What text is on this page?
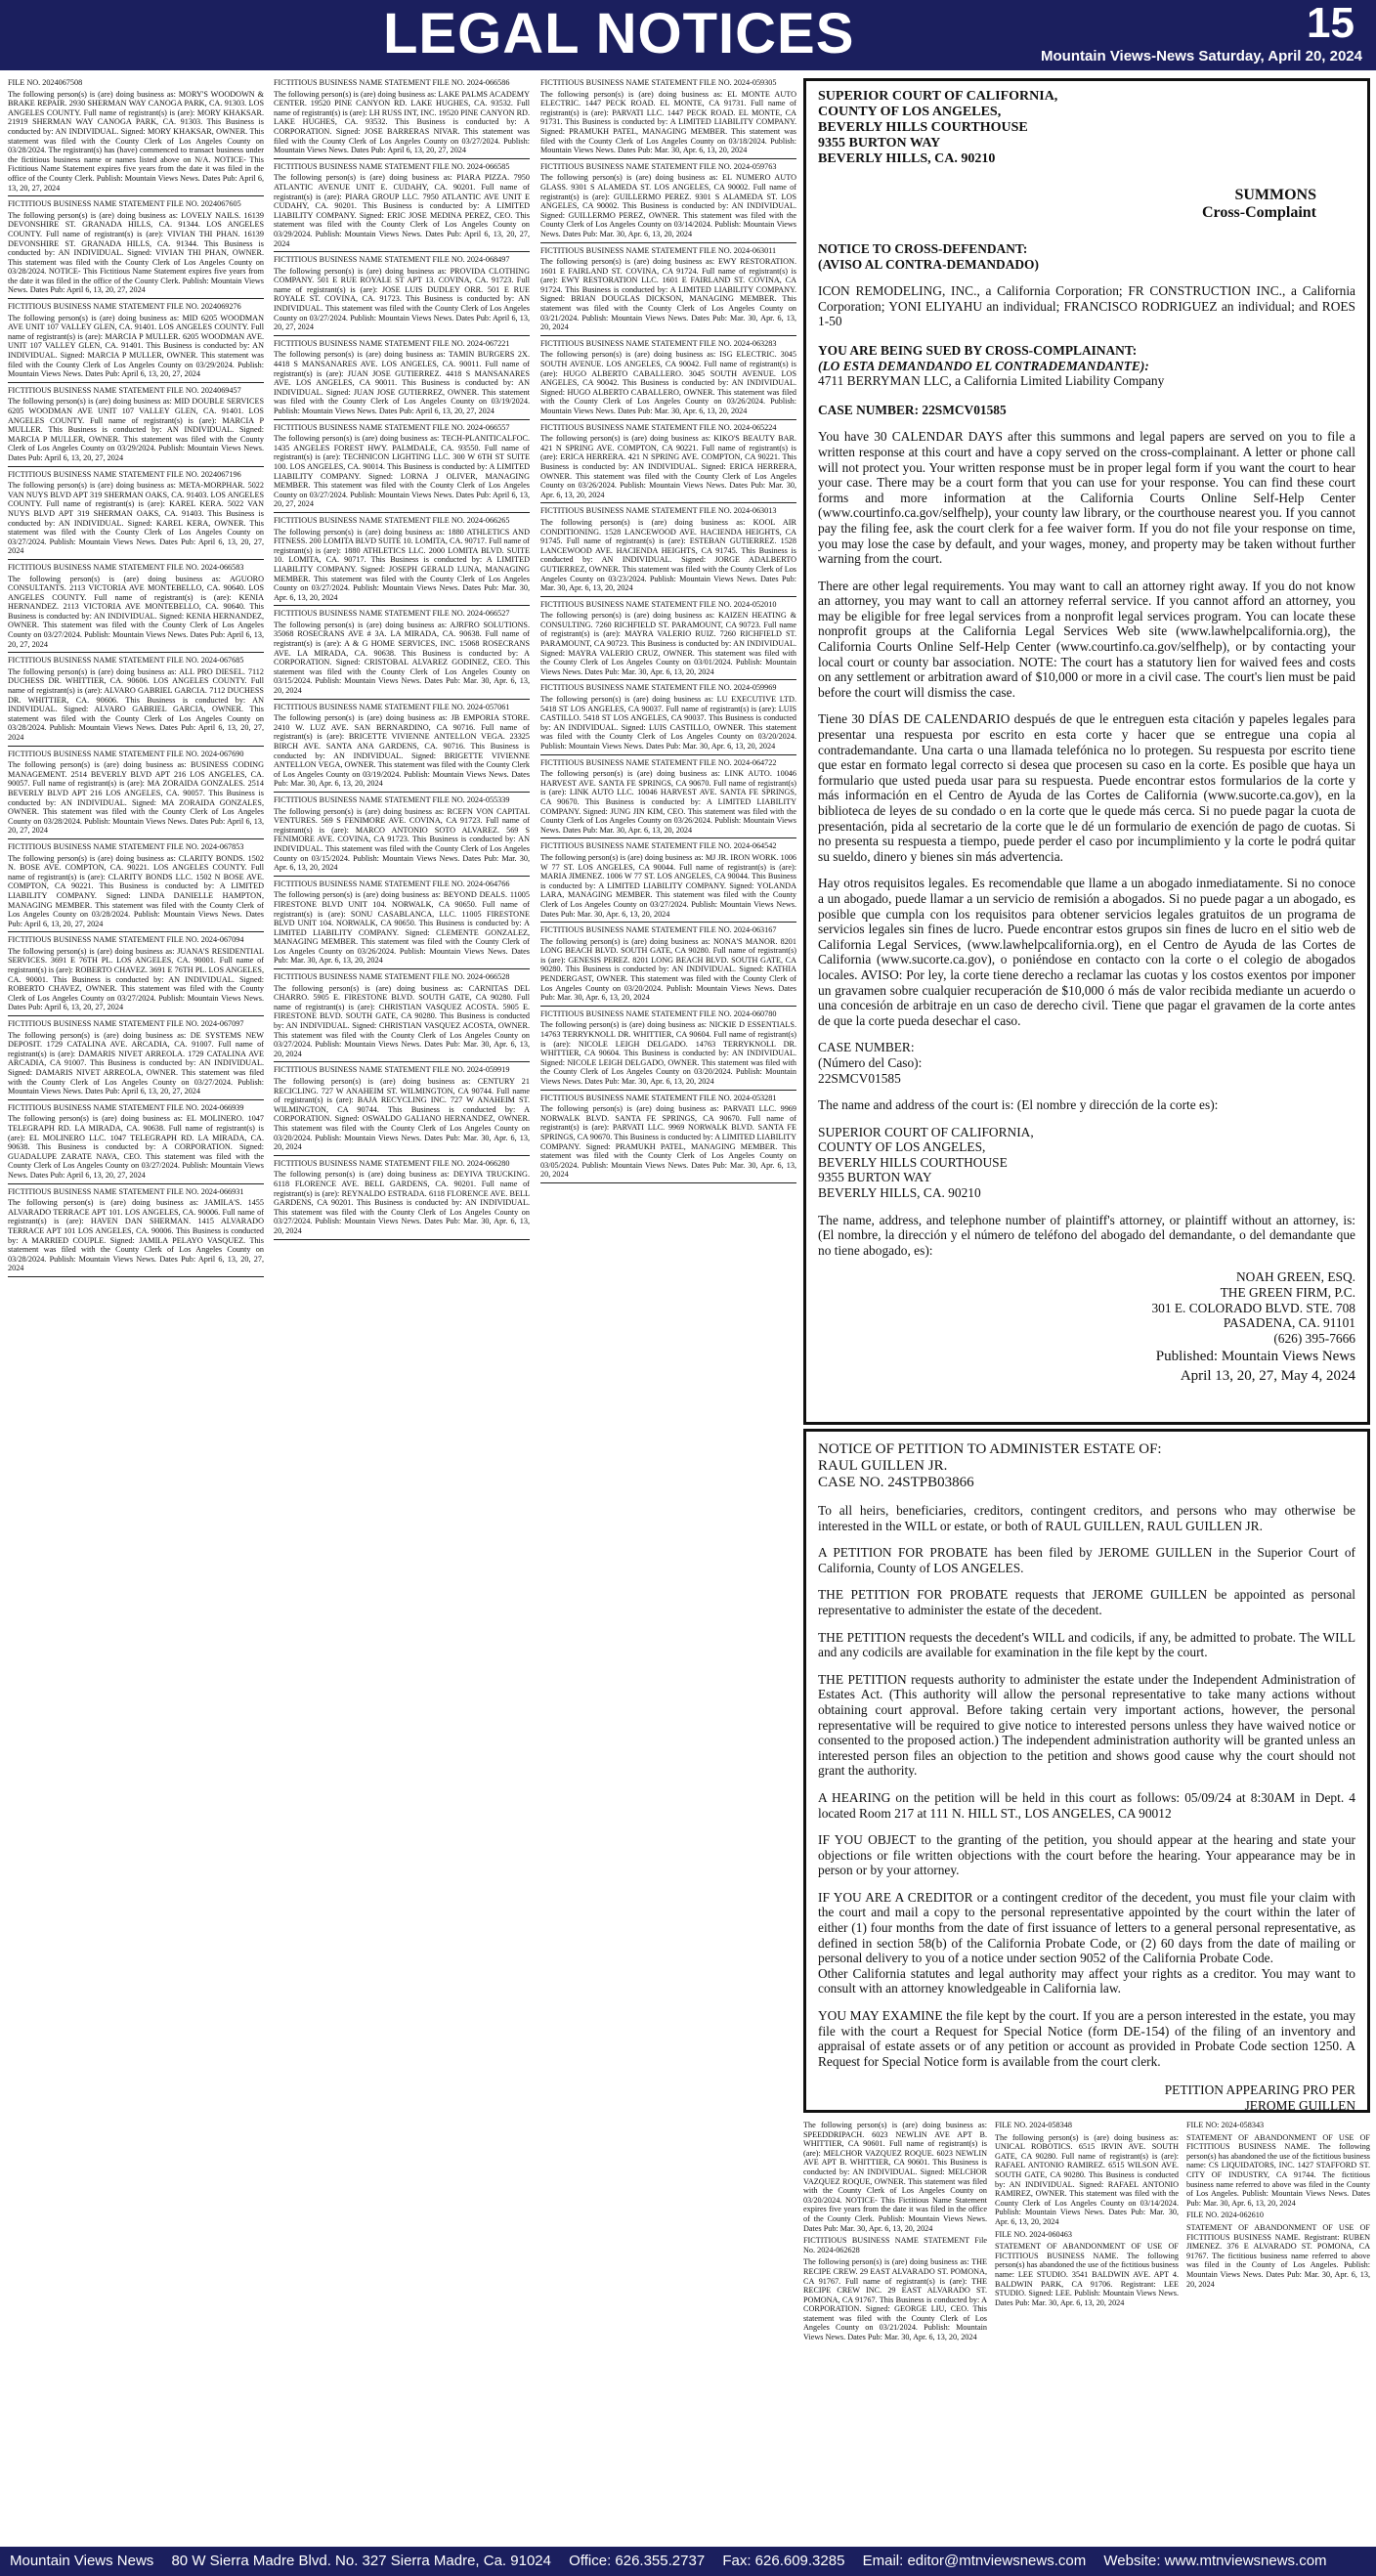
LEGAL NOTICES	15
Mountain Views-News Saturday, April 20, 2024

FILE NO. 2024067508

The following person(s) is (are) doing business as: MORY'S WOODOWN & BRAKE REPAIR. 2930 SHERMAN WAY CANOGA PARK, CA. 91303. LOS ANGELES COUNTY. Full name of registrant(s) is (are): MORY KHAKSAR. 21919 SHERMAN WAY CANOGA PARK, CA. 91303. This Business is conducted by: AN INDIVIDUAL. Signed: MORY KHAKSAR, OWNER. This statement was filed with the County Clerk of Los Angeles County on 03/28/2024. The registrant(s) has (have) commenced to transact business under the fictitious business name or names listed above on N/A. NOTICE- This Fictitious Name Statement expires five years from the date it was filed in the office of the County Clerk. Publish: Mountain Views News. Dates Pub: April 6, 13, 20, 27, 2024

FICTITIOUS BUSINESS NAME STATEMENT FILE NO. 2024067605

The following person(s) is (are) doing business as: LOVELY NAILS. 16139 DEVONSHIRE ST. GRANADA HILLS, CA. 91344. LOS ANGELES COUNTY. Full name of registrant(s) is (are): VIVIAN THI PHAN. 16139 DEVONSHIRE ST. GRANADA HILLS, CA. 91344. This Business is conducted by: AN INDIVIDUAL. Signed: VIVIAN THI PHAN, OWNER. This statement was filed with the County Clerk of Los Angeles County on 03/28/2024. NOTICE- This Fictitious Name Statement expires five years from the date it was filed in the office of the County Clerk. Publish: Mountain Views News. Dates Pub: April 6, 13, 20, 27, 2024

FICTITIOUS BUSINESS NAME STATEMENT FILE NO. 2024069276

The following person(s) is (are) doing business as: MID 6205 WOODMAN AVE UNIT 107 VALLEY GLEN, CA. 91401. LOS ANGELES COUNTY. Full name of registrant(s) is (are): MARCIA P MULLER. 6205 WOODMAN AVE. UNIT 107 VALLEY GLEN, CA. 91401. This Business is conducted by: AN INDIVIDUAL. Signed: MARCIA P MULLER, OWNER. This statement was filed with the County Clerk of Los Angeles County on 03/29/2024. Publish: Mountain Views News. Dates Pub: April 6, 13, 20, 27, 2024

FICTITIOUS BUSINESS NAME STATEMENT FILE NO. 2024069457

The following person(s) is (are) doing business as: MID DOUBLE SERVICES 6205 WOODMAN AVE UNIT 107 VALLEY GLEN, CA. 91401. LOS ANGELES COUNTY. Full name of registrant(s) is (are): MARCIA P MULLER. This Business is conducted by: AN INDIVIDUAL. Signed: MARCIA P MULLER, OWNER. This statement was filed with the County Clerk of Los Angeles County on 03/29/2024. Publish: Mountain Views News. Dates Pub: April 6, 13, 20, 27, 2024

FICTITIOUS BUSINESS NAME STATEMENT FILE NO. 2024067196

The following person(s) is (are) doing business as: META-MORPHAR. 5022 VAN NUYS BLVD APT 319 SHERMAN OAKS, CA. 91403. LOS ANGELES COUNTY. Full name of registrant(s) is (are): KAREL KERA. 5022 VAN NUYS BLVD APT 319 SHERMAN OAKS, CA. 91403. This Business is conducted by: AN INDIVIDUAL. Signed: KAREL KERA, OWNER. This statement was filed with the County Clerk of Los Angeles County on 03/27/2024. Publish: Mountain Views News. Dates Pub: April 6, 13, 20, 27, 2024

FICTITIOUS BUSINESS NAME STATEMENT FILE NO. 2024-066583

The following person(s) is (are) doing business as: AGUORO CONSULTANTS. 2113 VICTORIA AVE MONTEBELLO, CA. 90640. LOS ANGELES COUNTY. Full name of registrant(s) is (are): KENIA HERNANDEZ. 2113 VICTORIA AVE MONTEBELLO, CA. 90640. This Business is conducted by: AN INDIVIDUAL. Signed: KENIA HERNANDEZ, OWNER. This statement was filed with the County Clerk of Los Angeles County on 03/27/2024. Publish: Mountain Views News. Dates Pub: April 6, 13, 20, 27, 2024

FICTITIOUS BUSINESS NAME STATEMENT FILE NO. 2024-067685

The following person(s) is (are) doing business as: ALL PRO DIESEL. 7112 DUCHESS DR. WHITTIER, CA. 90606. LOS ANGELES COUNTY. Full name of registrant(s) is (are): ALVARO GABRIEL GARCIA. 7112 DUCHESS DR. WHITTIER, CA. 90606. This Business is conducted by: AN INDIVIDUAL. Signed: ALVARO GABRIEL GARCIA, OWNER. This statement was filed with the County Clerk of Los Angeles County on 03/28/2024. Publish: Mountain Views News. Dates Pub: April 6, 13, 20, 27, 2024

FICTITIOUS BUSINESS NAME STATEMENT FILE NO. 2024-067690

The following person(s) is (are) doing business as: BUSINESS CODING MANAGEMENT. 2514 BEVERLY BLVD APT 216 LOS ANGELES, CA. 90057. Full name of registrant(s) is (are): MA ZORAIDA GONZALES. 2514 BEVERLY BLVD APT 216 LOS ANGELES, CA. 90057. This Business is conducted by: AN INDIVIDUAL. Signed: MA ZORAIDA GONZALES, OWNER. This statement was filed with the County Clerk of Los Angeles County on 03/28/2024. Publish: Mountain Views News. Dates Pub: April 6, 13, 20, 27, 2024

FICTITIOUS BUSINESS NAME STATEMENT FILE NO. 2024-067853

The following person(s) is (are) doing business as: CLARITY BONDS. 1502 N. BOSE AVE. COMPTON, CA. 90221. LOS ANGELES COUNTY. Full name of registrant(s) is (are): CLARITY BONDS LLC. 1502 N BOSE AVE. COMPTON, CA 90221. This Business is conducted by: A LIMITED LIABILITY COMPANY. Signed: LINDA DANIELLE HAMPTON, MANAGING MEMBER. This statement was filed with the County Clerk of Los Angeles County on 03/28/2024. Publish: Mountain Views News. Dates Pub: April 6, 13, 20, 27, 2024

FICTITIOUS BUSINESS NAME STATEMENT FILE NO. 2024-067094

The following person(s) is (are) doing business as: JUANA'S RESIDENTIAL SERVICES. 3691 E 76TH PL. LOS ANGELES, CA. 90001. Full name of registrant(s) is (are): ROBERTO CHAVEZ. 3691 E 76TH PL. LOS ANGELES, CA. 90001. This Business is conducted by: AN INDIVIDUAL. Signed: ROBERTO CHAVEZ, OWNER. This statement was filed with the County Clerk of Los Angeles County on 03/27/2024. Publish: Mountain Views News. Dates Pub: April 6, 13, 20, 27, 2024

FICTITIOUS BUSINESS NAME STATEMENT FILE NO. 2024-067097

The following person(s) is (are) doing business as: DE SYSTEMS NEW DEPOSIT. 1729 CATALINA AVE. ARCADIA, CA. 91007. Full name of registrant(s) is (are): DAMARIS NIVET ARREOLA. 1729 CATALINA AVE ARCADIA, CA 91007. This Business is conducted by: AN INDIVIDUAL. Signed: DAMARIS NIVET ARREOLA, OWNER. This statement was filed with the County Clerk of Los Angeles County on 03/27/2024. Publish: Mountain Views News. Dates Pub: April 6, 13, 20, 27, 2024

FICTITIOUS BUSINESS NAME STATEMENT FILE NO. 2024-066939

The following person(s) is (are) doing business as: EL MOLINERO. 1047 TELEGRAPH RD. LA MIRADA, CA. 90638. Full name of registrant(s) is (are): EL MOLINERO LLC. 1047 TELEGRAPH RD. LA MIRADA, CA. 90638. This Business is conducted by: A CORPORATION. Signed: GUADALUPE ZARATE NAVA, CEO. This statement was filed with the County Clerk of Los Angeles County on 03/27/2024. Publish: Mountain Views News. Dates Pub: April 6, 13, 20, 27, 2024

FICTITIOUS BUSINESS NAME STATEMENT FILE NO. 2024-066931

The following person(s) is (are) doing business as: JAMILA'S. 1455 ALVARADO TERRACE APT 101. LOS ANGELES, CA. 90006. Full name of registrant(s) is (are): HAVEN DAN SHERMAN. 1415 ALVARADO TERRACE APT 101 LOS ANGELES, CA. 90006. This Business is conducted by: A MARRIED COUPLE. Signed: JAMILA PELAYO VASQUEZ. This statement was filed with the County Clerk of Los Angeles County on 03/28/2024. Publish: Mountain Views News. Dates Pub: April 6, 13, 20, 27, 2024

FICTITIOUS BUSINESS NAME STATEMENT FILE NO. 2024-066586

The following person(s) is (are) doing business as: LAKE PALMS ACADEMY CENTER. 19520 PINE CANYON RD. LAKE HUGHES, CA. 93532. Full name of registrant(s) is (are): LH RUSS INT, INC. 19520 PINE CANYON RD. LAKE HUGHES, CA. 93532. This Business is conducted by: A CORPORATION. Signed: JOSE BARRERAS NIVAR. This statement was filed with the County Clerk of Los Angeles County on 03/27/2024. Publish: Mountain Views News. Dates Pub: April 6, 13, 20, 27, 2024

FICTITIOUS BUSINESS NAME STATEMENT FILE NO. 2024-066585

The following person(s) is (are) doing business as: PIARA PIZZA. 7950 ATLANTIC AVENUE UNIT E. CUDAHY, CA. 90201. Full name of registrant(s) is (are): PIARA GROUP LLC. 7950 ATLANTIC AVE UNIT E CUDAHY, CA. 90201. This Business is conducted by: A LIMITED LIABILITY COMPANY. Signed: ERIC JOSE MEDINA PEREZ, CEO. This statement was filed with the County Clerk of Los Angeles County on 03/29/2024. Publish: Mountain Views News. Dates Pub: April 6, 13, 20, 27, 2024

FICTITIOUS BUSINESS NAME STATEMENT FILE NO. 2024-068497

The following person(s) is (are) doing business as: PROVIDA CLOTHING COMPANY. 501 E RUE ROYALE ST APT 13. COVINA, CA. 91723. Full name of registrant(s) is (are): JOSE LUIS DUDLEY ORR. 501 E RUE ROYALE ST. COVINA, CA. 91723. This Business is conducted by: AN INDIVIDUAL. This statement was filed with the County Clerk of Los Angeles County on 03/27/2024. Publish: Mountain Views News. Dates Pub: April 6, 13, 20, 27, 2024

FICTITIOUS BUSINESS NAME STATEMENT FILE NO. 2024-067221

The following person(s) is (are) doing business as: TAMIN BURGERS 2X. 4418 S MANSANARES AVE. LOS ANGELES, CA. 90011. Full name of registrant(s) is (are): JUAN JOSE GUTIERREZ. 4418 S MANSANARES AVE. LOS ANGELES, CA 90011. This Business is conducted by: AN INDIVIDUAL. Signed: JUAN JOSE GUTIERREZ, OWNER. This statement was filed with the County Clerk of Los Angeles County on 03/19/2024. Publish: Mountain Views News. Dates Pub: April 6, 13, 20, 27, 2024

FICTITIOUS BUSINESS NAME STATEMENT FILE NO. 2024-066557

The following person(s) is (are) doing business as: TECH-PLANITICALFOC. 1435 ANGELES FOREST HWY. PALMDALE, CA. 93550. Full name of registrant(s) is (are): TECHNICON LIGHTING LLC. 300 W 6TH ST SUITE 100. LOS ANGELES, CA. 90014. This Business is conducted by: A LIMITED LIABILITY COMPANY. Signed: LORNA J OLIVER, MANAGING MEMBER. This statement was filed with the County Clerk of Los Angeles County on 03/27/2024. Publish: Mountain Views News. Dates Pub: April 6, 13, 20, 27, 2024

FICTITIOUS BUSINESS NAME STATEMENT FILE NO. 2024-066265

The following person(s) is (are) doing business as: 1880 ATHLETICS AND FITNESS. 200 LOMITA BLVD SUITE 10. LOMITA, CA. 90717. Full name of registrant(s) is (are): 1880 ATHLETICS LLC. 2000 LOMITA BLVD. SUITE 10. LOMITA, CA. 90717. This Business is conducted by: A LIMITED LIABILITY COMPANY. Signed: JOSEPH GERALD LUNA, MANAGING MEMBER. This statement was filed with the County Clerk of Los Angeles County on 03/27/2024. Publish: Mountain Views News. Dates Pub: Mar. 30, Apr. 6, 13, 20, 2024

FICTITIOUS BUSINESS NAME STATEMENT FILE NO. 2024-066527

The following person(s) is (are) doing business as: AJRFRO SOLUTIONS. 35068 ROSECRANS AVE # 3A. LA MIRADA, CA. 90638. Full name of registrant(s) is (are): A & G HOME SERVICES, INC. 15068 ROSECRANS AVE. LA MIRADA, CA. 90638. This Business is conducted by: A CORPORATION. Signed: CRISTOBAL ALVAREZ GODINEZ, CEO. This statement was filed with the County Clerk of Los Angeles County on 03/15/2024. Publish: Mountain Views News. Dates Pub: Mar. 30, Apr. 6, 13, 20, 2024

FICTITIOUS BUSINESS NAME STATEMENT FILE NO. 2024-057061

The following person(s) is (are) doing business as: JB EMPORIA STORE. 2410 W. LUZ AVE. SAN BERNARDINO, CA 90716. Full name of registrant(s) is (are): BRICETTE VIVIENNE ANTELLON VEGA. 23325 BIRCH AVE. SANTA ANA GARDENS, CA. 90716. This Business is conducted by: AN INDIVIDUAL. Signed: BRIGETTE VIVIENNE ANTELLON VEGA, OWNER. This statement was filed with the County Clerk of Los Angeles County on 03/19/2024. Publish: Mountain Views News. Dates Pub: Mar. 30, Apr. 6, 13, 20, 2024

FICTITIOUS BUSINESS NAME STATEMENT FILE NO. 2024-055339

The following person(s) is (are) doing business as: RCEFN VON CAPITAL VENTURES. 569 S FENIMORE AVE. COVINA, CA 91723. Full name of registrant(s) is (are): MARCO ANTONIO SOTO ALVAREZ. 569 S FENIMORE AVE. COVINA, CA 91723. This Business is conducted by: AN INDIVIDUAL. This statement was filed with the County Clerk of Los Angeles County on 03/15/2024. Publish: Mountain Views News. Dates Pub: Mar. 30, Apr. 6, 13, 20, 2024

FICTITIOUS BUSINESS NAME STATEMENT FILE NO. 2024-064766

The following person(s) is (are) doing business as: BEYOND DEALS. 11005 FIRESTONE BLVD UNIT 104. NORWALK, CA 90650. Full name of registrant(s) is (are): SONU CASABLANCA, LLC. 11005 FIRESTONE BLVD UNIT 104. NORWALK, CA 90650. This Business is conducted by: A LIMITED LIABILITY COMPANY. Signed: CLEMENTE GONZALEZ, MANAGING MEMBER. This statement was filed with the County Clerk of Los Angeles County on 03/26/2024. Publish: Mountain Views News. Dates Pub: Mar. 30, Apr. 6, 13, 20, 2024

FICTITIOUS BUSINESS NAME STATEMENT FILE NO. 2024-066528

The following person(s) is (are) doing business as: CARNITAS DEL CHARRO. 5905 E. FIRESTONE BLVD. SOUTH GATE, CA 90280. Full name of registrant(s) is (are): CHRISTIAN VASQUEZ ACOSTA. 5905 E. FIRESTONE BLVD. SOUTH GATE, CA 90280. This Business is conducted by: AN INDIVIDUAL. Signed: CHRISTIAN VASQUEZ ACOSTA, OWNER. This statement was filed with the County Clerk of Los Angeles County on 03/27/2024. Publish: Mountain Views News. Dates Pub: Mar. 30, Apr. 6, 13, 20, 2024

FICTITIOUS BUSINESS NAME STATEMENT FILE NO. 2024-059919

The following person(s) is (are) doing business as: CENTURY 21 RECICLING. 727 W ANAHEIM ST. WILMINGTON, CA 90744. Full name of registrant(s) is (are): BAJA RECYCLING INC. 727 W ANAHEIM ST. WILMINGTON, CA 90744. This Business is conducted by: A CORPORATION. Signed: OSWALDO GALIANO HERNANDEZ, OWNER. This statement was filed with the County Clerk of Los Angeles County on 03/20/2024. Publish: Mountain Views News. Dates Pub: Mar. 30, Apr. 6, 13, 20, 2024

FICTITIOUS BUSINESS NAME STATEMENT FILE NO. 2024-066280

The following person(s) is (are) doing business as: DEYIVA TRUCKING. 6118 FLORENCE AVE. BELL GARDENS, CA. 90201. Full name of registrant(s) is (are): REYNALDO ESTRADA. 6118 FLORENCE AVE. BELL GARDENS, CA 90201. This Business is conducted by: AN INDIVIDUAL. This statement was filed with the County Clerk of Los Angeles County on 03/27/2024. Publish: Mountain Views News. Dates Pub: Mar. 30, Apr. 6, 13, 20, 2024

FICTITIOUS BUSINESS NAME STATEMENT FILE NO. 2024-059305

The following person(s) is (are) doing business as: EL MONTE AUTO ELECTRIC. 1447 PECK ROAD. EL MONTE, CA 91731. Full name of registrant(s) is (are): PARVATI LLC. 1447 PECK ROAD. EL MONTE, CA 91731. This Business is conducted by: A LIMITED LIABILITY COMPANY. Signed: PRAMUKH PATEL, MANAGING MEMBER. This statement was filed with the County Clerk of Los Angeles County on 03/18/2024. Publish: Mountain Views News. Dates Pub: Mar. 30, Apr. 6, 13, 20, 2024

FICTITIOUS BUSINESS NAME STATEMENT FILE NO. 2024-059763

The following person(s) is (are) doing business as: EL NUMERO AUTO GLASS. 9301 S ALAMEDA ST. LOS ANGELES, CA 90002. Full name of registrant(s) is (are): GUILLERMO PEREZ. 9301 S ALAMEDA ST. LOS ANGELES, CA 90002. This Business is conducted by: AN INDIVIDUAL. Signed: GUILLERMO PEREZ, OWNER. This statement was filed with the County Clerk of Los Angeles County on 03/14/2024. Publish: Mountain Views News. Dates Pub: Mar. 30, Apr. 6, 13, 20, 2024

FICTITIOUS BUSINESS NAME STATEMENT FILE NO. 2024-063011

The following person(s) is (are) doing business as: EWY RESTORATION. 1601 E FAIRLAND ST. COVINA, CA 91724. Full name of registrant(s) is (are): EWY RESTORATION LLC. 1601 E FAIRLAND ST. COVINA, CA 91724. This Business is conducted by: A LIMITED LIABILITY COMPANY. Signed: BRIAN DOUGLAS DICKSON, MANAGING MEMBER. This statement was filed with the County Clerk of Los Angeles County on 03/21/2024. Publish: Mountain Views News. Dates Pub: Mar. 30, Apr. 6, 13, 20, 2024

FICTITIOUS BUSINESS NAME STATEMENT FILE NO. 2024-063283

The following person(s) is (are) doing business as: ISG ELECTRIC. 3045 SOUTH AVENUE. LOS ANGELES, CA 90042. Full name of registrant(s) is (are): HUGO ALBERTO CABALLERO. 3045 SOUTH AVENUE. LOS ANGELES, CA 90042. This Business is conducted by: AN INDIVIDUAL. Signed: HUGO ALBERTO CABALLERO, OWNER. This statement was filed with the County Clerk of Los Angeles County on 03/26/2024. Publish: Mountain Views News. Dates Pub: Mar. 30, Apr. 6, 13, 20, 2024

FICTITIOUS BUSINESS NAME STATEMENT FILE NO. 2024-065224

The following person(s) is (are) doing business as: KIKO'S BEAUTY BAR. 421 N SPRING AVE. COMPTON, CA 90221. Full name of registrant(s) is (are): ERICA HERRERA. 421 N SPRING AVE. COMPTON, CA 90221. This Business is conducted by: AN INDIVIDUAL. Signed: ERICA HERRERA, OWNER. This statement was filed with the County Clerk of Los Angeles County on 03/26/2024. Publish: Mountain Views News. Dates Pub: Mar. 30, Apr. 6, 13, 20, 2024

FICTITIOUS BUSINESS NAME STATEMENT FILE NO. 2024-063013

The following person(s) is (are) doing business as: KOOL AIR CONDITIONING. 1528 LANCEWOOD AVE. HACIENDA HEIGHTS, CA 91745. Full name of registrant(s) is (are): ESTEBAN GUTIERREZ. 1528 LANCEWOOD AVE. HACIENDA HEIGHTS, CA 91745. This Business is conducted by: AN INDIVIDUAL. Signed: JORGE ADALBERTO GUTIERREZ, OWNER. This statement was filed with the County Clerk of Los Angeles County on 03/23/2024. Publish: Mountain Views News. Dates Pub: Mar. 30, Apr. 6, 13, 20, 2024

FICTITIOUS BUSINESS NAME STATEMENT FILE NO. 2024-052010

The following person(s) is (are) doing business as: KAIZEN HEATING & CONSULTING. 7260 RICHFIELD ST. PARAMOUNT, CA 90723. Full name of registrant(s) is (are): MAYRA VALERIO RUIZ. 7260 RICHFIELD ST. PARAMOUNT, CA 90723. This Business is conducted by: AN INDIVIDUAL. Signed: MAYRA VALERIO CRUZ, OWNER. This statement was filed with the County Clerk of Los Angeles County on 03/01/2024. Publish: Mountain Views News. Dates Pub: Mar. 30, Apr. 6, 13, 20, 2024

FICTITIOUS BUSINESS NAME STATEMENT FILE NO. 2024-059969

The following person(s) is (are) doing business as: LU EXECUTIVE LTD. 5418 ST LOS ANGELES, CA 90037. Full name of registrant(s) is (are): LUIS CASTILLO. 5418 ST LOS ANGELES, CA 90037. This Business is conducted by: AN INDIVIDUAL. Signed: LUIS CASTILLO, OWNER. This statement was filed with the County Clerk of Los Angeles County on 03/20/2024. Publish: Mountain Views News. Dates Pub: Mar. 30, Apr. 6, 13, 20, 2024

FICTITIOUS BUSINESS NAME STATEMENT FILE NO. 2024-064722

The following person(s) is (are) doing business as: LINK AUTO. 10046 HARVEST AVE. SANTA FE SPRINGS, CA 90670. Full name of registrant(s) is (are): LINK AUTO LLC. 10046 HARVEST AVE. SANTA FE SPRINGS, CA 90670. This Business is conducted by: A LIMITED LIABILITY COMPANY. Signed: JUNG JIN KIM, CEO. This statement was filed with the County Clerk of Los Angeles County on 03/26/2024. Publish: Mountain Views News. Dates Pub: Mar. 30, Apr. 6, 13, 20, 2024

FICTITIOUS BUSINESS NAME STATEMENT FILE NO. 2024-064542

The following person(s) is (are) doing business as: MJ JR. IRON WORK. 1006 W 77 ST. LOS ANGELES, CA 90044. Full name of registrant(s) is (are): MARIA JIMENEZ. 1006 W 77 ST. LOS ANGELES, CA 90044. This Business is conducted by: A LIMITED LIABILITY COMPANY. Signed: YOLANDA LARA, MANAGING MEMBER. This statement was filed with the County Clerk of Los Angeles County on 03/27/2024. Publish: Mountain Views News. Dates Pub: Mar. 30, Apr. 6, 13, 20, 2024

FICTITIOUS BUSINESS NAME STATEMENT FILE NO. 2024-063167

The following person(s) is (are) doing business as: NONA'S MANOR. 8201 LONG BEACH BLVD. SOUTH GATE, CA 90280. Full name of registrant(s) is (are): GENESIS PEREZ. 8201 LONG BEACH BLVD. SOUTH GATE, CA 90280. This Business is conducted by: AN INDIVIDUAL. Signed: KATHIA PENDERGAST, OWNER. This statement was filed with the County Clerk of Los Angeles County on 03/20/2024. Publish: Mountain Views News. Dates Pub: Mar. 30, Apr. 6, 13, 20, 2024

FICTITIOUS BUSINESS NAME STATEMENT FILE NO. 2024-060780

The following person(s) is (are) doing business as: NICKIE D ESSENTIALS. 14763 TERRYKNOLL DR. WHITTIER, CA 90604. Full name of registrant(s) is (are): NICOLE LEIGH DELGADO. 14763 TERRYKNOLL DR. WHITTIER, CA 90604. This Business is conducted by: AN INDIVIDUAL. Signed: NICOLE LEIGH DELGADO, OWNER. This statement was filed with the County Clerk of Los Angeles County on 03/20/2024. Publish: Mountain Views News. Dates Pub: Mar. 30, Apr. 6, 13, 20, 2024

FICTITIOUS BUSINESS NAME STATEMENT FILE NO. 2024-053281

The following person(s) is (are) doing business as: PARVATI LLC. 9969 NORWALK BLVD. SANTA FE SPRINGS, CA 90670. Full name of registrant(s) is (are): PARVATI LLC. 9969 NORWALK BLVD. SANTA FE SPRINGS, CA 90670. This Business is conducted by: A LIMITED LIABILITY COMPANY. Signed: PRAMUKH PATEL, MANAGING MEMBER. This statement was filed with the County Clerk of Los Angeles County on 03/05/2024. Publish: Mountain Views News. Dates Pub: Mar. 30, Apr. 6, 13, 20, 2024

SUPERIOR COURT OF CALIFORNIA,
COUNTY OF LOS ANGELES,
BEVERLY HILLS COURTHOUSE
9355 BURTON WAY
BEVERLY HILLS, CA. 90210
SUMMONS
Cross-Complaint
NOTICE TO CROSS-DEFENDANT:
(AVISO AL CONTRA-DEMANDADO)

ICON REMODELING, INC., a California Corporation; FR CONSTRUCTION INC., a California Corporation; YONI ELIYAHU an individual; FRANCISCO RODRIGUEZ an individual; and ROES 1-50

YOU ARE BEING SUED BY CROSS-COMPLAINANT:
(LO ESTA DEMANDANDO EL CONTRADEMANDANTE):
4711 BERRYMAN LLC, a California Limited Liability Company
CASE NUMBER: 22SMCV01585

You have 30 CALENDAR DAYS after this summons and legal papers are served on you to file a written response at this court and have a copy served on the cross-complainant. A letter or phone call will not protect you. Your written response must be in proper legal form if you want the court to hear your case. There may be a court form that you can use for your response. You can find these court forms and more information at the California Courts Online Self-Help Center (www.courtinfo.ca.gov/selfhelp), your county law library, or the courthouse nearest you. If you cannot pay the filing fee, ask the court clerk for a fee waiver form. If you do not file your response on time, you may lose the case by default, and your wages, money, and property may be taken without further warning from the court.

There are other legal requirements. You may want to call an attorney right away. If you do not know an attorney, you may want to call an attorney referral service. If you cannot afford an attorney, you may be eligible for free legal services from a nonprofit legal services program. You can locate these nonprofit groups at the California Legal Services Web site (www.lawhelpcalifornia.org), the California Courts Online Self-Help Center (www.courtinfo.ca.gov/selfhelp), or by contacting your local court or county bar association. NOTE: The court has a statutory lien for waived fees and costs on any settlement or arbitration award of $10,000 or more in a civil case. The court's lien must be paid before the court will dismiss the case.

Tiene 30 DÍAS DE CALENDARIO después de que le entreguen esta citación y papeles legales para presentar una respuesta por escrito en esta corte y hacer que se entregue una copia al contrademandante. Una carta o una llamada telefónica no lo protegen. Su respuesta por escrito tiene que estar en formato legal correcto si desea que procesen su caso en la corte. Es posible que haya un formulario que usted pueda usar para su respuesta. Puede encontrar estos formularios de la corte y más información en el Centro de Ayuda de las Cortes de California (www.sucorte.ca.gov), en la biblioteca de leyes de su condado o en la corte que le quede más cerca. Si no puede pagar la cuota de presentación, pida al secretario de la corte que le dé un formulario de exención de pago de cuotas. Si no presenta su respuesta a tiempo, puede perder el caso por incumplimiento y la corte le podrá quitar su sueldo, dinero y bienes sin más advertencia.

Hay otros requisitos legales. Es recomendable que llame a un abogado inmediatamente. Si no conoce a un abogado, puede llamar a un servicio de remisión a abogados. Si no puede pagar a un abogado, es posible que cumpla con los requisitos para obtener servicios legales gratuitos de un programa de servicios legales sin fines de lucro. Puede encontrar estos grupos sin fines de lucro en el sitio web de California Legal Services, (www.lawhelpcalifornia.org), en el Centro de Ayuda de las Cortes de California (www.sucorte.ca.gov), o poniéndose en contacto con la corte o el colegio de abogados locales. AVISO: Por ley, la corte tiene derecho a reclamar las cuotas y los costos exentos por imponer un gravamen sobre cualquier recuperación de $10,000 ó más de valor recibida mediante un acuerdo o una concesión de arbitraje en un caso de derecho civil. Tiene que pagar el gravamen de la corte antes de que la corte pueda desechar el caso.

CASE NUMBER:
(Número del Caso):
22SMCV01585

The name and address of the court is: (El nombre y dirección de la corte es):

SUPERIOR COURT OF CALIFORNIA,
COUNTY OF LOS ANGELES,
BEVERLY HILLS COURTHOUSE
9355 BURTON WAY
BEVERLY HILLS, CA. 90210

The name, address, and telephone number of plaintiff's attorney, or plaintiff without an attorney, is: (El nombre, la dirección y el número de teléfono del abogado del demandante, o del demandante que no tiene abogado, es):

NOAH GREEN, ESQ.
THE GREEN FIRM, P.C.
301 E. COLORADO BLVD. STE. 708
PASADENA, CA. 91101
(626) 395-7666
Published: Mountain Views News
April 13, 20, 27, May 4, 2024
NOTICE OF PETITION TO ADMINISTER ESTATE OF:
RAUL GUILLEN JR.
CASE NO. 24STPB03866

To all heirs, beneficiaries, creditors, contingent creditors, and persons who may otherwise be interested in the WILL or estate, or both of RAUL GUILLEN, RAUL GUILLEN JR.

A PETITION FOR PROBATE has been filed by JEROME GUILLEN in the Superior Court of California, County of LOS ANGELES.

THE PETITION FOR PROBATE requests that JEROME GUILLEN be appointed as personal representative to administer the estate of the decedent.

THE PETITION requests the decedent's WILL and codicils, if any, be admitted to probate. The WILL and any codicils are available for examination in the file kept by the court.

THE PETITION requests authority to administer the estate under the Independent Administration of Estates Act. (This authority will allow the personal representative to take many actions without obtaining court approval. Before taking certain very important actions, however, the personal representative will be required to give notice to interested persons unless they have waived notice or consented to the proposed action.) The independent administration authority will be granted unless an interested person files an objection to the petition and shows good cause why the court should not grant the authority.

A HEARING on the petition will be held in this court as follows: 05/09/24 at 8:30AM in Dept. 4 located Room 217 at 111 N. HILL ST., LOS ANGELES, CA 90012

IF YOU OBJECT to the granting of the petition, you should appear at the hearing and state your objections or file written objections with the court before the hearing. Your appearance may be in person or by your attorney.

IF YOU ARE A CREDITOR or a contingent creditor of the decedent, you must file your claim with the court and mail a copy to the personal representative appointed by the court within the later of either (1) four months from the date of first issuance of letters to a general personal representative, as defined in section 58(b) of the California Probate Code, or (2) 60 days from the date of mailing or personal delivery to you of a notice under section 9052 of the California Probate Code.
Other California statutes and legal authority may affect your rights as a creditor. You may want to consult with an attorney knowledgeable in California law.

YOU MAY EXAMINE the file kept by the court. If you are a person interested in the estate, you may file with the court a Request for Special Notice (form DE-154) of the filing of an inventory and appraisal of estate assets or of any petition or account as provided in Probate Code section 1250. A Request for Special Notice form is available from the court clerk.

PETITION APPEARING PRO PER
JEROME GUILLEN

The following person(s) is (are) doing business as: SPEEDDRIPACH. 6023 NEWLIN AVE APT B. WHITTIER, CA 90601. Full name of registrant(s) is (are): MELCHOR VAZQUEZ ROQUE. 6023 NEWLIN AVE APT B. WHITTIER, CA 90601. This Business is conducted by: AN INDIVIDUAL. Signed: MELCHOR VAZQUEZ ROQUE, OWNER. This statement was filed with the County Clerk of Los Angeles County on 03/20/2024. NOTICE- This Fictitious Name Statement expires five years from the date it was filed in the office of the County Clerk. Publish: Mountain Views News. Dates Pub: Mar. 30, Apr. 6, 13, 20, 2024

FICTITIOUS BUSINESS NAME STATEMENT File No. 2024-062628

The following person(s) is (are) doing business as: THE RECIPE CREW. 29 EAST ALVARADO ST. POMONA, CA 91767. Full name of registrant(s) is (are): THE RECIPE CREW INC. 29 EAST ALVARADO ST. POMONA, CA 91767. This Business is conducted by: A CORPORATION. Signed: GEORGE LIU, CEO. This statement was filed with the County Clerk of Los Angeles County on 03/21/2024. Publish: Mountain Views News. Dates Pub: Mar. 30, Apr. 6, 13, 20, 2024

FILE NO. 2024-058348

The following person(s) is (are) doing business as: UNICAL ROBOTICS. 6515 IRVIN AVE. SOUTH GATE, CA 90280. Full name of registrant(s) is (are): RAFAEL ANTONIO RAMIREZ. 6515 WILSON AVE. SOUTH GATE, CA 90280. This Business is conducted by: AN INDIVIDUAL. Signed: RAFAEL ANTONIO RAMIREZ, OWNER. This statement was filed with the County Clerk of Los Angeles County on 03/14/2024. Publish: Mountain Views News. Dates Pub: Mar. 30, Apr. 6, 13, 20, 2024

FILE NO. 2024-060463

STATEMENT OF ABANDONMENT OF USE OF FICTITIOUS BUSINESS NAME. The following person(s) has abandoned the use of the fictitious business name: LEE STUDIO. 3541 BALDWIN AVE. APT 4. BALDWIN PARK, CA 91706. Registrant: LEE STUDIO. Signed: LEE. Publish: Mountain Views News. Dates Pub: Mar. 30, Apr. 6, 13, 20, 2024

FILE NO: 2024-058343

STATEMENT OF ABANDONMENT OF USE OF FICTITIOUS BUSINESS NAME. The following person(s) has abandoned the use of the fictitious business name: CS LIQUIDATORS, INC. 1427 STAFFORD ST. CITY OF INDUSTRY, CA 91744. The fictitious business name referred to above was filed in the County of Los Angeles. Publish: Mountain Views News. Dates Pub: Mar. 30, Apr. 6, 13, 20, 2024

FILE NO. 2024-062610

STATEMENT OF ABANDONMENT OF USE OF FICTITIOUS BUSINESS NAME. Registrant: RUBEN JIMENEZ. 376 E ALVARADO ST. POMONA, CA 91767. The fictitious business name referred to above was filed in the County of Los Angeles. Publish: Mountain Views News. Dates Pub: Mar. 30, Apr. 6, 13, 20, 2024

Mountain Views News 80 W Sierra Madre Blvd. No. 327 Sierra Madre, Ca. 91024 Office: 626.355.2737 Fax: 626.609.3285 Email: editor@mtnviewsnews.com Website: www.mtnviewsnews.com
